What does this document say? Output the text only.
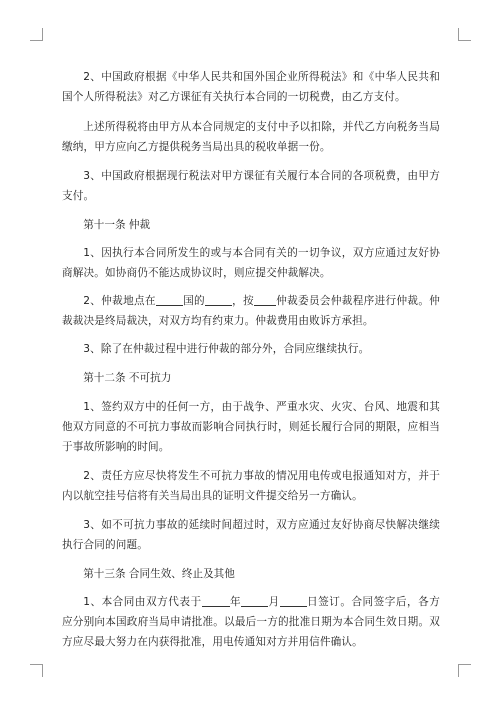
2、中国政府根据《中华人民共和国外国企业所得税法》和《中华人民共和国个人所得税法》对乙方课征有关执行本合同的一切税费，由乙方支付。

上述所得税将由甲方从本合同规定的支付中予以扣除，并代乙方向税务当局缴纳，甲方应向乙方提供税务当局出具的税收单据一份。

3、中国政府根据现行税法对甲方课征有关履行本合同的各项税费，由甲方支付。

第十一条 仲裁

1、因执行本合同所发生的或与本合同有关的一切争议，双方应通过友好协商解决。如协商仍不能达成协议时，则应提交仲裁解决。

2、仲裁地点在	国的	，按 仲裁委员会仲裁程序进行仲裁。仲裁裁决是终局裁决，对双方均有约束力。仲裁费用由败诉方承担。

3、除了在仲裁过程中进行仲裁的部分外，合同应继续执行。

第十二条 不可抗力

1、签约双方中的任何一方，由于战争、严重水灾、火灾、台风、地震和其他双方同意的不可抗力事故而影响合同执行时，则延长履行合同的期限，应相当于事故所影响的时间。

2、责任方应尽快将发生不可抗力事故的情况用电传或电报通知对方，并于内以航空挂号信将有关当局出具的证明文件提交给另一方确认。

3、如不可抗力事故的延续时间超过时，双方应通过友好协商尽快解决继续执行合同的问题。

第十三条 合同生效、终止及其他

1、本合同由双方代表于	年	月	日签订。合同签字后，各方应分别向本国政府当局申请批准。以最后一方的批准日期为本合同生效日期。双方应尽最大努力在内获得批准，用电传通知对方并用信件确认。
